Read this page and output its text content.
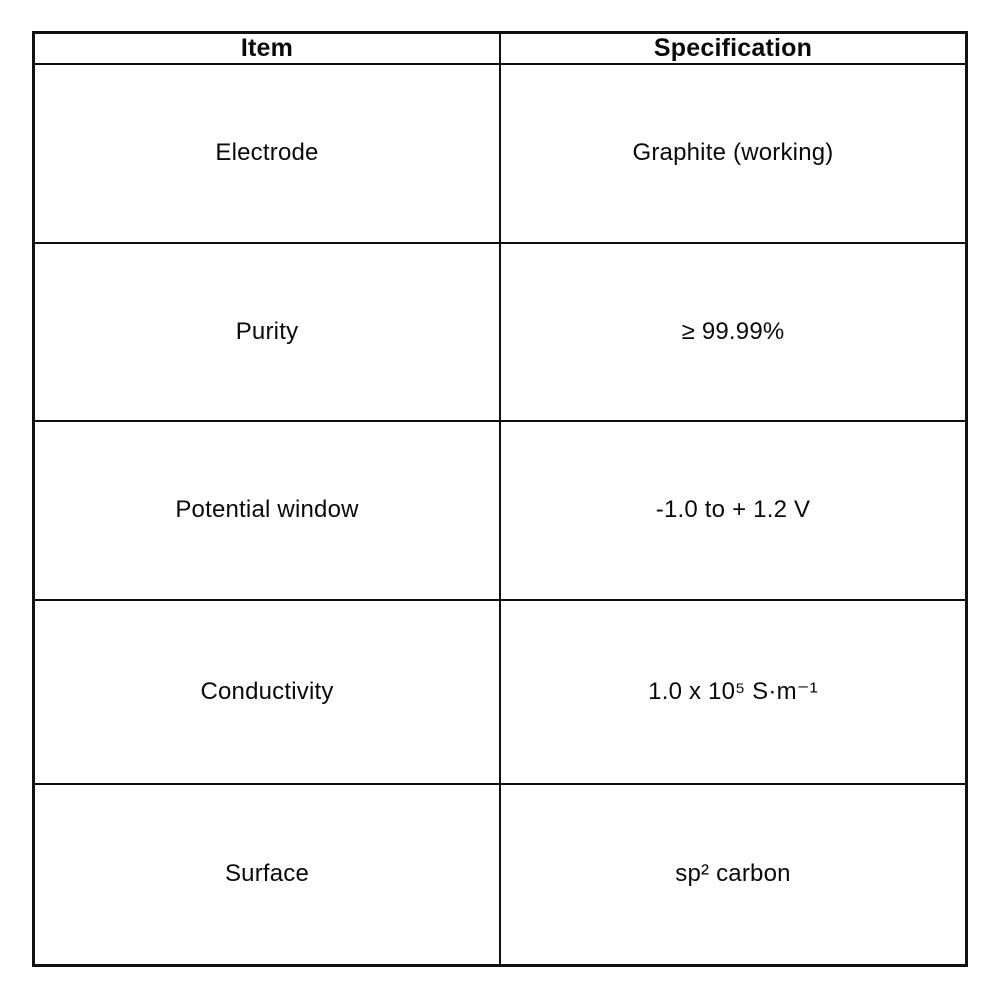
Item	Specification
Electrode	Graphite (working)
Purity	≥ 99.99%
Potential window	-1.0 to + 1.2 V
Conductivity	1.0 x 10⁵ S·m⁻¹
Surface	sp² carbon
